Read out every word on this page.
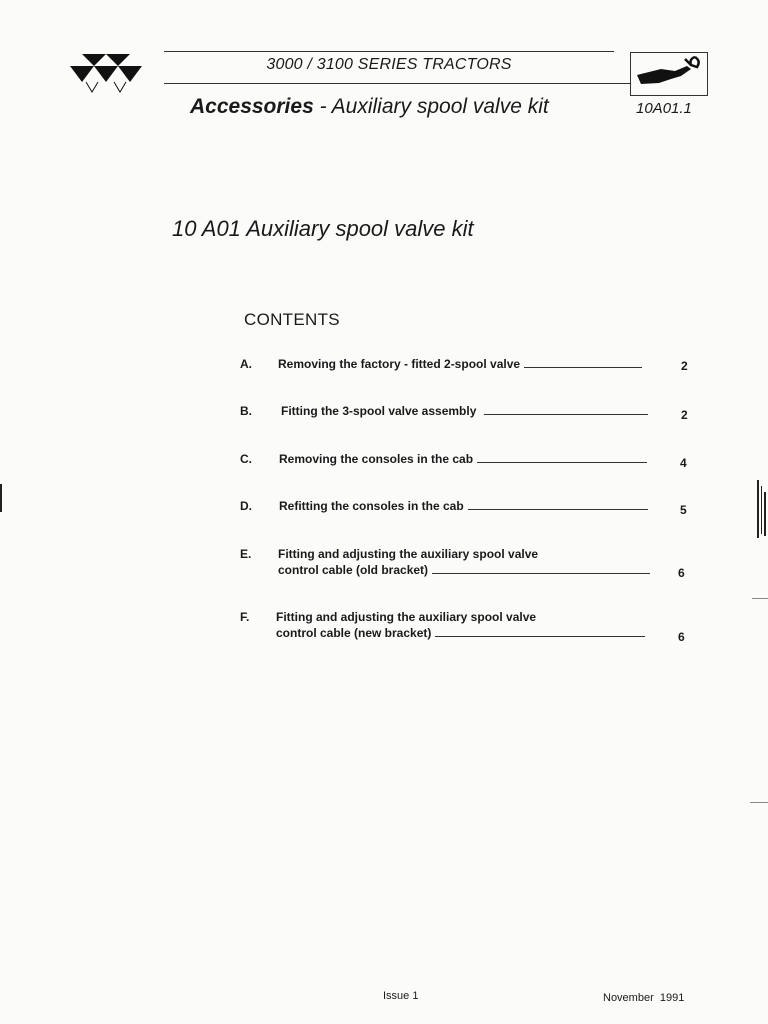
3000 / 3100 SERIES TRACTORS
Accessories - Auxiliary spool valve kit	10A01.1
10 A01 Auxiliary spool valve kit
CONTENTS
A.	Removing the factory - fitted 2-spool valve	2
B.	Fitting the 3-spool valve assembly	2
C.	Removing the consoles in the cab	4
D.	Refitting the consoles in the cab	5
E.	Fitting and adjusting the auxiliary spool valve
control cable (old bracket)	6
F.	Fitting and adjusting the auxiliary spool valve
control cable (new bracket)	6
Issue 1	November  1991
